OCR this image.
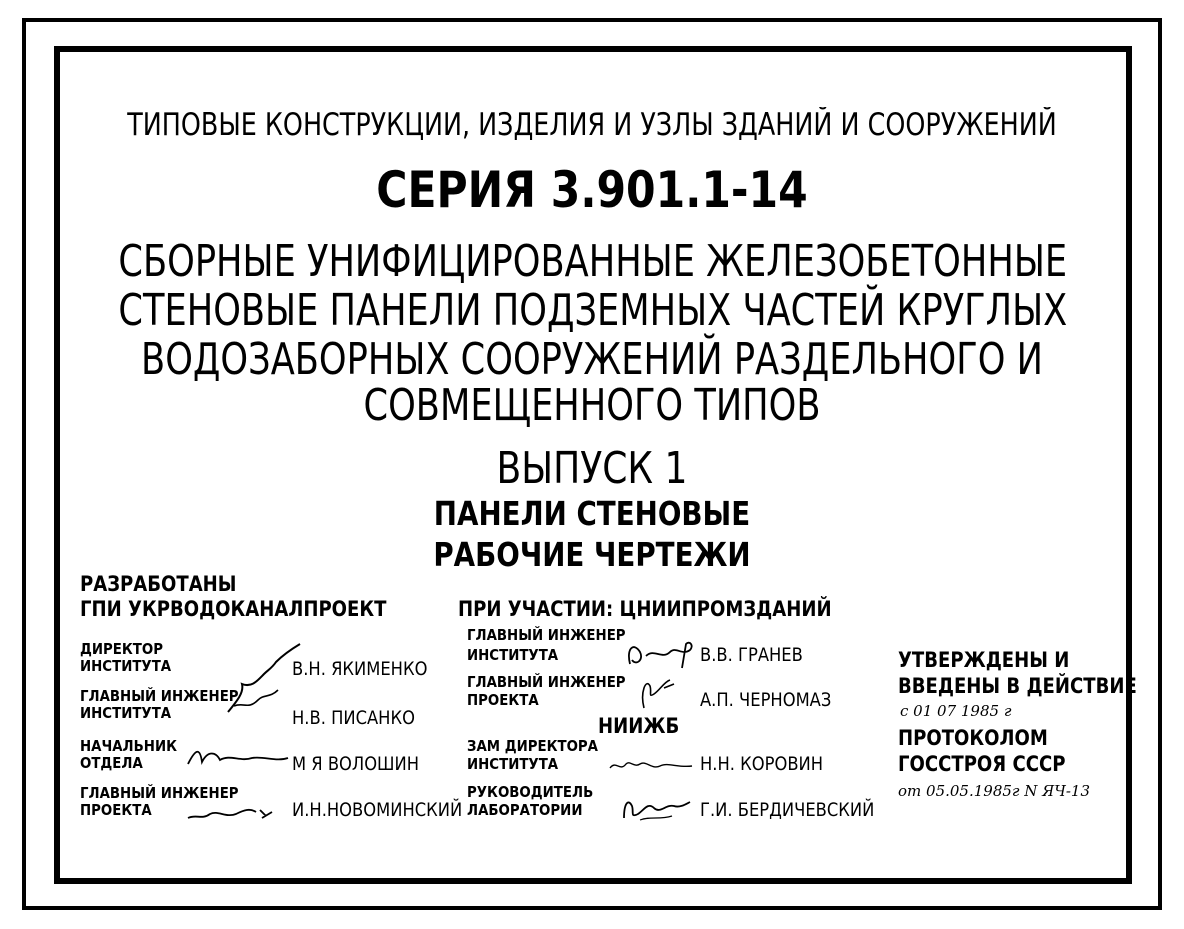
ТИПОВЫЕ КОНСТРУКЦИИ, ИЗДЕЛИЯ И УЗЛЫ ЗДАНИЙ И СООРУЖЕНИЙ
СЕРИЯ 3.901.1-14
СБОРНЫЕ УНИФИЦИРОВАННЫЕ ЖЕЛЕЗОБЕТОННЫЕ
СТЕНОВЫЕ ПАНЕЛИ ПОДЗЕМНЫХ ЧАСТЕЙ КРУГЛЫХ
ВОДОЗАБОРНЫХ СООРУЖЕНИЙ РАЗДЕЛЬНОГО И
СОВМЕЩЕННОГО ТИПОВ
ВЫПУСК 1
ПАНЕЛИ СТЕНОВЫЕ
РАБОЧИЕ ЧЕРТЕЖИ
РАЗРАБОТАНЫ
ГПИ УКРВОДОКАНАЛПРОЕКТ
ДИРЕКТОР
ИНСТИТУТА	В.Н. ЯКИМЕНКО
ГЛАВНЫЙ ИНЖЕНЕР
ИНСТИТУТА	Н.В. ПИСАНКО
НАЧАЛЬНИК
ОТДЕЛА	М Я ВОЛОШИН
ГЛАВНЫЙ ИНЖЕНЕР
ПРОЕКТА	И.Н.НОВОМИНСКИЙ
ПРИ УЧАСТИИ: ЦНИИПРОМЗДАНИЙ
ГЛАВНЫЙ ИНЖЕНЕР
ИНСТИТУТА	В.В. ГРАНЕВ
ГЛАВНЫЙ ИНЖЕНЕР
ПРОЕКТА	А.П. ЧЕРНОМАЗ
НИИЖБ
ЗАМ ДИРЕКТОРА
ИНСТИТУТА	Н.Н. КОРОВИН
РУКОВОДИТЕЛЬ
ЛАБОРАТОРИИ	Г.И. БЕРДИЧЕВСКИЙ
УТВЕРЖДЕНЫ И
ВВЕДЕНЫ В ДЕЙСТВИЕ
с 01 07 1985 г
ПРОТОКОЛОМ
ГОССТРОЯ СССР
от 05.05.1985г N ЯЧ-13
